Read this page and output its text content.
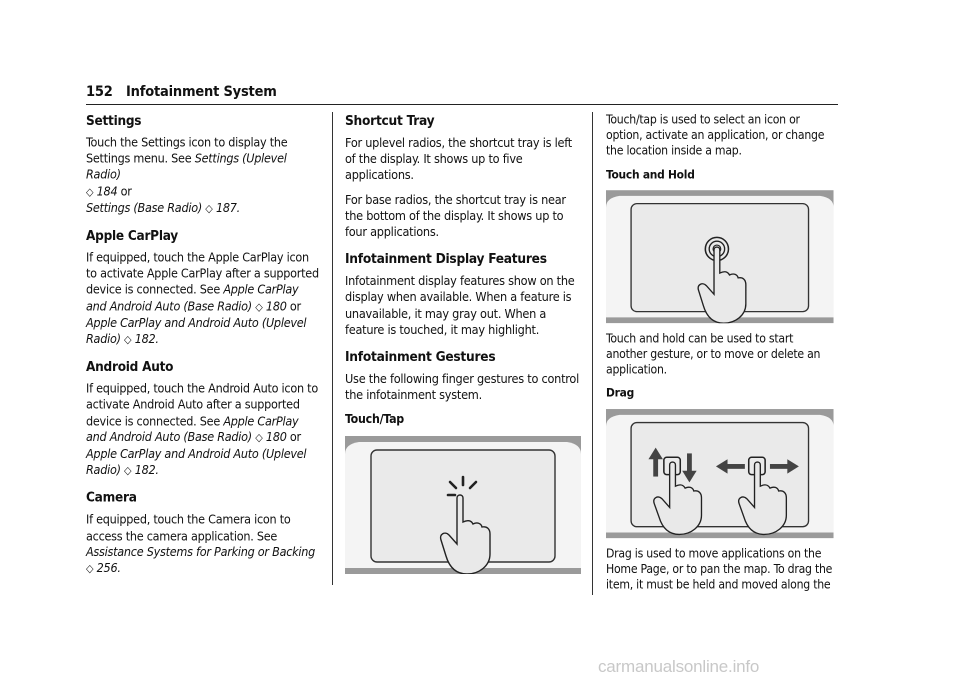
152 Infotainment System
Settings

Touch the Settings icon to display the Settings menu. See Settings (Uplevel Radio)
◇ 184 or
Settings (Base Radio) ◇ 187.

Apple CarPlay

If equipped, touch the Apple CarPlay icon to activate Apple CarPlay after a supported device is connected. See Apple CarPlay and Android Auto (Base Radio) ◇ 180 or
Apple CarPlay and Android Auto (Uplevel Radio) ◇ 182.

Android Auto

If equipped, touch the Android Auto icon to activate Android Auto after a supported device is connected. See Apple CarPlay and Android Auto (Base Radio) ◇ 180 or
Apple CarPlay and Android Auto (Uplevel Radio) ◇ 182.

Camera

If equipped, touch the Camera icon to access the camera application. See Assistance Systems for Parking or Backing ◇ 256.

Shortcut Tray

For uplevel radios, the shortcut tray is left of the display. It shows up to five applications.

For base radios, the shortcut tray is near the bottom of the display. It shows up to four applications.

Infotainment Display Features

Infotainment display features show on the display when available. When a feature is unavailable, it may gray out. When a feature is touched, it may highlight.

Infotainment Gestures

Use the following finger gestures to control the infotainment system.

Touch/Tap

Touch/tap is used to select an icon or option, activate an application, or change the location inside a map.

Touch and Hold

Touch and hold can be used to start another gesture, or to move or delete an application.

Drag

Drag is used to move applications on the Home Page, or to pan the map. To drag the item, it must be held and moved along the

carmanualsonline.info
